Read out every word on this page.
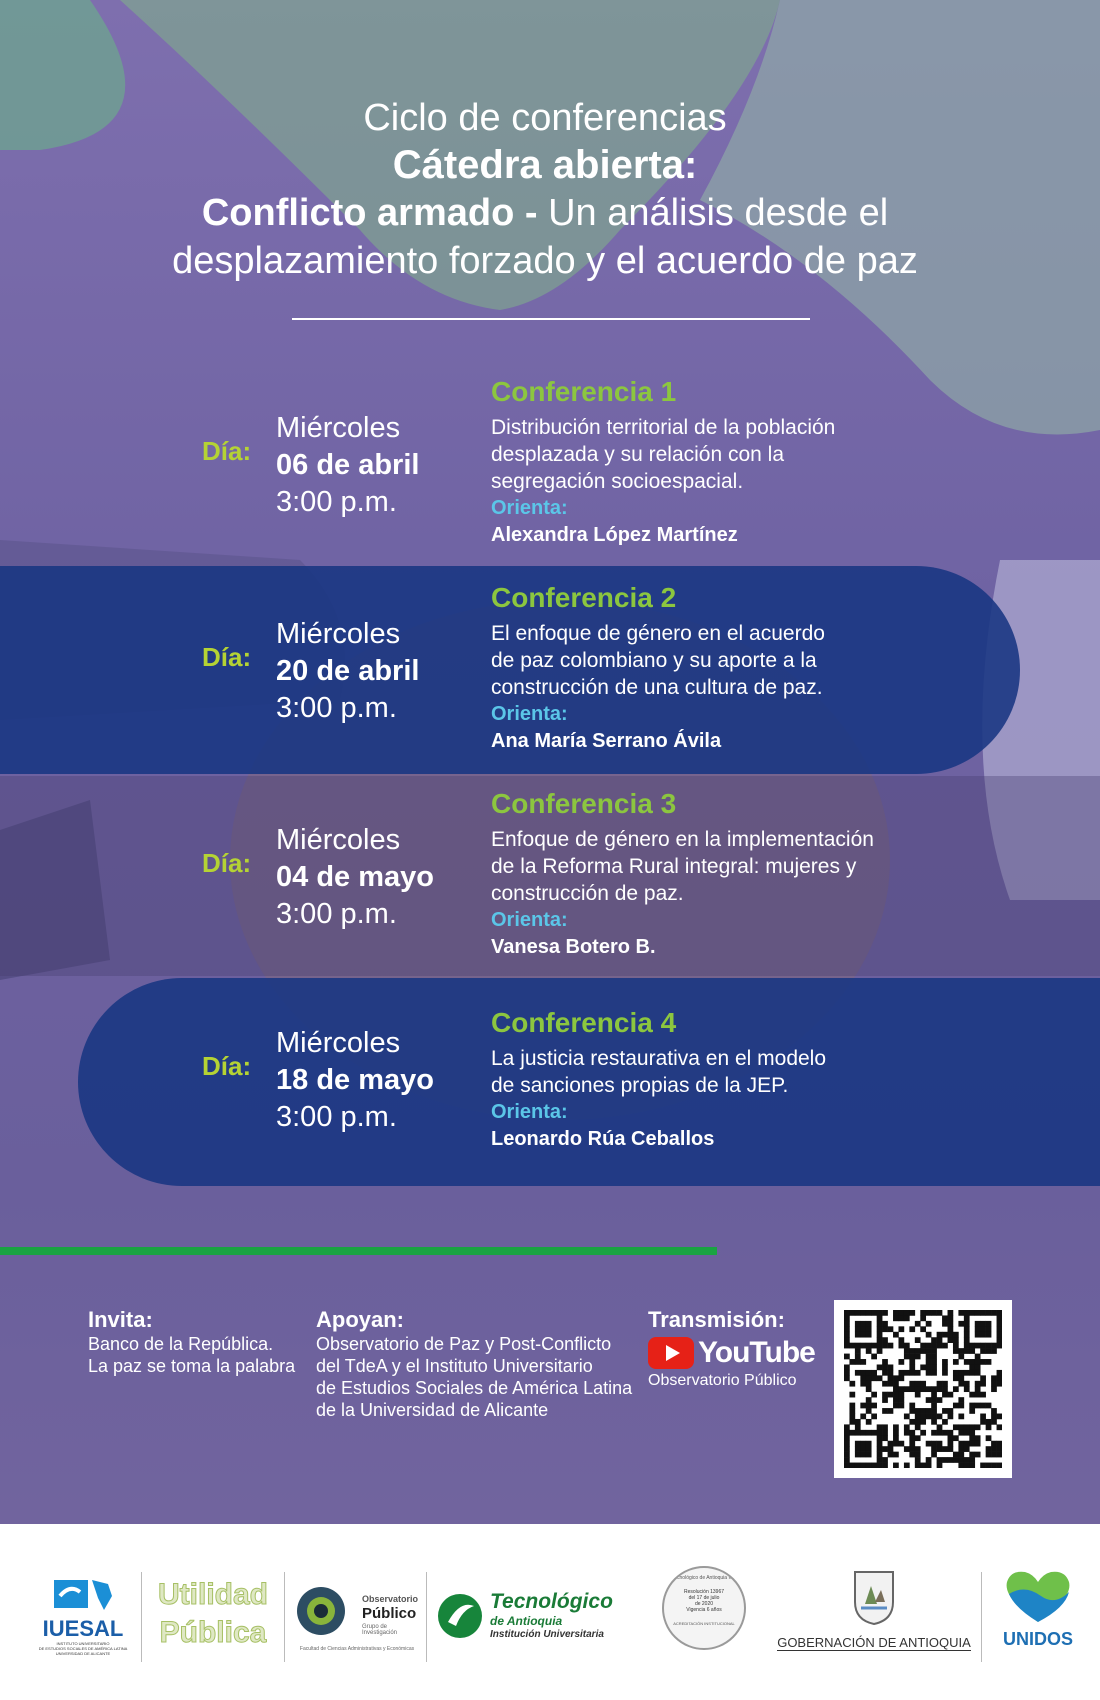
Ciclo de conferencias
Cátedra abierta:
Conflicto armado - Un análisis desde el
desplazamiento forzado y el acuerdo de paz
Día:
Miércoles
06 de abril
3:00 p.m.
Conferencia 1
Distribución territorial de la población
desplazada y su relación con la
segregación socioespacial.
Orienta:
Alexandra López Martínez
Día:
Miércoles
20 de abril
3:00 p.m.
Conferencia 2
El enfoque de género en el acuerdo
de paz colombiano y su aporte a la
construcción de una cultura de paz.
Orienta:
Ana María Serrano Ávila
Día:
Miércoles
04 de mayo
3:00 p.m.
Conferencia 3
Enfoque de género en la implementación
de la Reforma Rural integral: mujeres y
construcción de paz.
Orienta:
Vanesa Botero B.
Día:
Miércoles
18 de mayo
3:00 p.m.
Conferencia 4
La justicia restaurativa en el modelo
de sanciones propias de la JEP.
Orienta:
Leonardo Rúa Ceballos
Invita:
Banco de la República.
La paz se toma la palabra
Apoyan:
Observatorio de Paz y Post-Conflicto
del TdeA y el Instituto Universitario
de Estudios Sociales de América Latina
de la Universidad de Alicante
Transmisión:
YouTube
Observatorio Público
IUESAL
INSTITUTO UNIVERSITARIO
DE ESTUDIOS SOCIALES DE AMÉRICA LATINA
UNIVERSIDAD DE ALICANTE
Utilidad
Pública
Observatorio
Público
Grupo de Investigación
Facultad de Ciencias Administrativas y Económicas
Tecnológico
de Antioquia
Institución Universitaria
Tecnológico de Antioquia I.U.
Resolución 13967
del 17 de julio
de 2020
Vigencia 6 años
ACREDITACIÓN INSTITUCIONAL
GOBERNACIÓN DE ANTIOQUIA	UNIDOS
